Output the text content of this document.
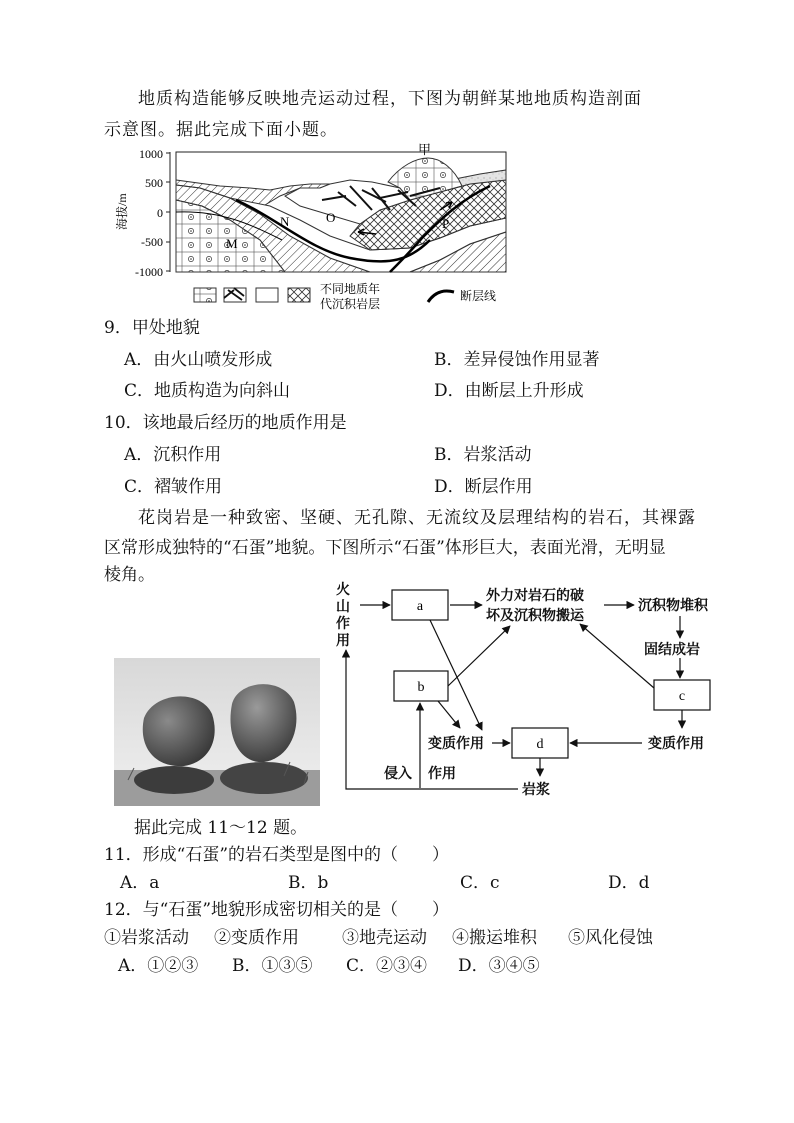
地质构造能够反映地壳运动过程，下图为朝鲜某地地质构造剖面
示意图。据此完成下面小题。
1000
500
0
-500
-1000
海拔/m
甲
M
N	O	P
不同地质年
代沉积岩层
断层线
9．甲处地貌
A．由火山喷发形成	B．差异侵蚀作用显著
C．地质构造为向斜山	D．由断层上升形成
10．该地最后经历的地质作用是
A．沉积作用	B．岩浆活动
C．褶皱作用	D．断层作用
花岗岩是一种致密、坚硬、无孔隙、无流纹及层理结构的岩石，其裸露
区常形成独特的“石蛋”地貌。下图所示“石蛋”体形巨大，表面光滑，无明显
棱角。
火
山
作
用
a
b
c
d
外力对岩石的破
坏及沉积物搬运
沉积物堆积
固结成岩
变质作用	变质作用
侵入 作用
岩浆
据此完成 11～12 题。
11．形成“石蛋”的岩石类型是图中的（　　）
A．a	B．b	C．c	D．d
12．与“石蛋”地貌形成密切相关的是（　　）
①岩浆活动 ②变质作用	③地壳运动 ④搬运堆积 ⑤风化侵蚀
A．①②③ B．①③⑤ C．②③④ D．③④⑤
